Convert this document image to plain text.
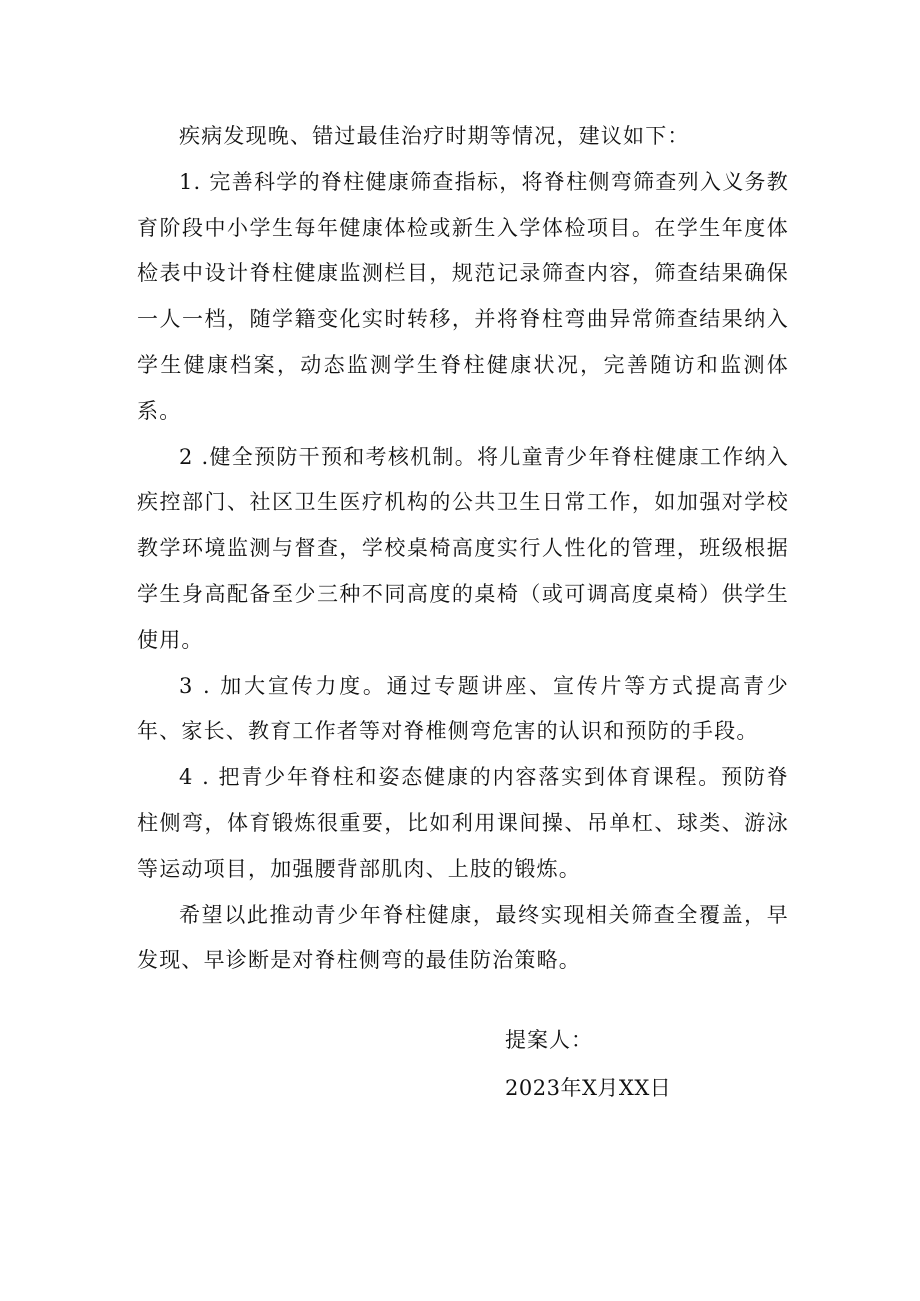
疾病发现晚、错过最佳治疗时期等情况，建议如下：

1. 完善科学的脊柱健康筛查指标，将脊柱侧弯筛查列入义务教育阶段中小学生每年健康体检或新生入学体检项目。在学生年度体检表中设计脊柱健康监测栏目，规范记录筛查内容，筛查结果确保一人一档，随学籍变化实时转移，并将脊柱弯曲异常筛查结果纳入学生健康档案，动态监测学生脊柱健康状况，完善随访和监测体系。

2 .健全预防干预和考核机制。将儿童青少年脊柱健康工作纳入疾控部门、社区卫生医疗机构的公共卫生日常工作，如加强对学校教学环境监测与督查，学校桌椅高度实行人性化的管理，班级根据学生身高配备至少三种不同高度的桌椅（或可调高度桌椅）供学生使用。

3 . 加大宣传力度。通过专题讲座、宣传片等方式提高青少年、家长、教育工作者等对脊椎侧弯危害的认识和预防的手段。

4 . 把青少年脊柱和姿态健康的内容落实到体育课程。预防脊柱侧弯，体育锻炼很重要，比如利用课间操、吊单杠、球类、游泳等运动项目，加强腰背部肌肉、上肢的锻炼。

希望以此推动青少年脊柱健康，最终实现相关筛查全覆盖，早发现、早诊断是对脊柱侧弯的最佳防治策略。

提案人：
2023年X月XX日
